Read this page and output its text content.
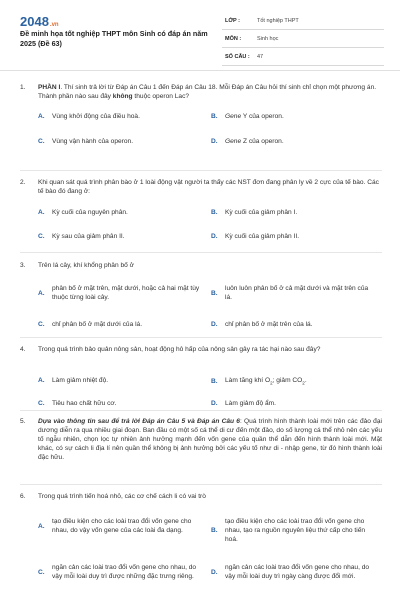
2048.vn
Đề minh họa tốt nghiệp THPT môn Sinh có đáp án năm 2025 (Đề 63)
LỚP :	Tốt nghiệp THPT
MÔN :	Sinh học
SỐ CÂU :	47
1. PHẦN I. Thí sinh trả lời từ Đáp án Câu 1 đến Đáp án Câu 18. Mỗi Đáp án Câu hỏi thí sinh chỉ chọn một phương án.
Thành phần nào sau đây không thuộc operon Lac?
A.	Vùng khởi động của điều hoà.	B.	Gene Y của operon.
C.	Vùng vận hành của operon.	D.	Gene Z của operon.
2. Khi quan sát quá trình phân bào ở 1 loài động vật người ta thấy các NST đơn đang phân ly về 2 cực của tế bào. Các tế bào đó đang ở:
A.	Kỳ cuối của nguyên phân.	B.	Kỳ cuối của giảm phân I.
C.	Kỳ sau của giảm phân II.	D.	Kỳ cuối của giảm phân II.
3. Trên lá cây, khí khổng phân bố ở
A.
phân bố ở mặt trên, mặt dưới, hoặc cả hai mặt tùy thuộc từng loài cây.
B.
luôn luôn phân bố ở cả mặt dưới và mặt trên của lá.
C.	chỉ phân bố ở mặt dưới của lá.	D.	chỉ phân bố ở mặt trên của lá.
4. Trong quá trình bảo quản nông sản, hoạt động hô hấp của nông sản gây ra tác hại nào sau đây?
A.	Làm giảm nhiệt độ.	B.	Làm tăng khí $O_2$; giảm $CO_2$.
C.	Tiêu hao chất hữu cơ.	D.	Làm giảm độ ẩm.
5. Dựa vào thông tin sau để trả lời Đáp án Câu 5 và Đáp án Câu 6: Quá trình hình thành loài mới trên các đảo đại dương diễn ra qua nhiều giai đoạn. Ban đầu có một số cá thể di cư đến một đảo, do số lượng cá thể nhỏ nên các yếu tố ngẫu nhiên, chọn lọc tự nhiên ảnh hưởng mạnh đến vốn gene của quần thể dẫn đến hình thành loài mới. Mặt khác, có sự cách li địa lí nên quần thể không bị ảnh hưởng bởi các yếu tố như di - nhập gene, từ đó hình thành loài đặc hữu.
6. Trong quá trình tiến hoá nhỏ, các cơ chế cách li có vai trò
A.
tạo điều kiện cho các loài trao đổi vốn gene cho nhau, do vậy vốn gene của các loài đa dạng.	B.
tạo điều kiện cho các loài trao đổi vốn gene cho nhau, tạo ra nguồn nguyên liệu thứ cấp cho tiến hoá.
C.
ngăn cản các loài trao đổi vốn gene cho nhau, do vậy mỗi loài duy trì được những đặc trưng riêng.
D.
ngăn cản các loài trao đổi vốn gene cho nhau, do vậy mỗi loài duy trì ngày càng được đổi mới.
